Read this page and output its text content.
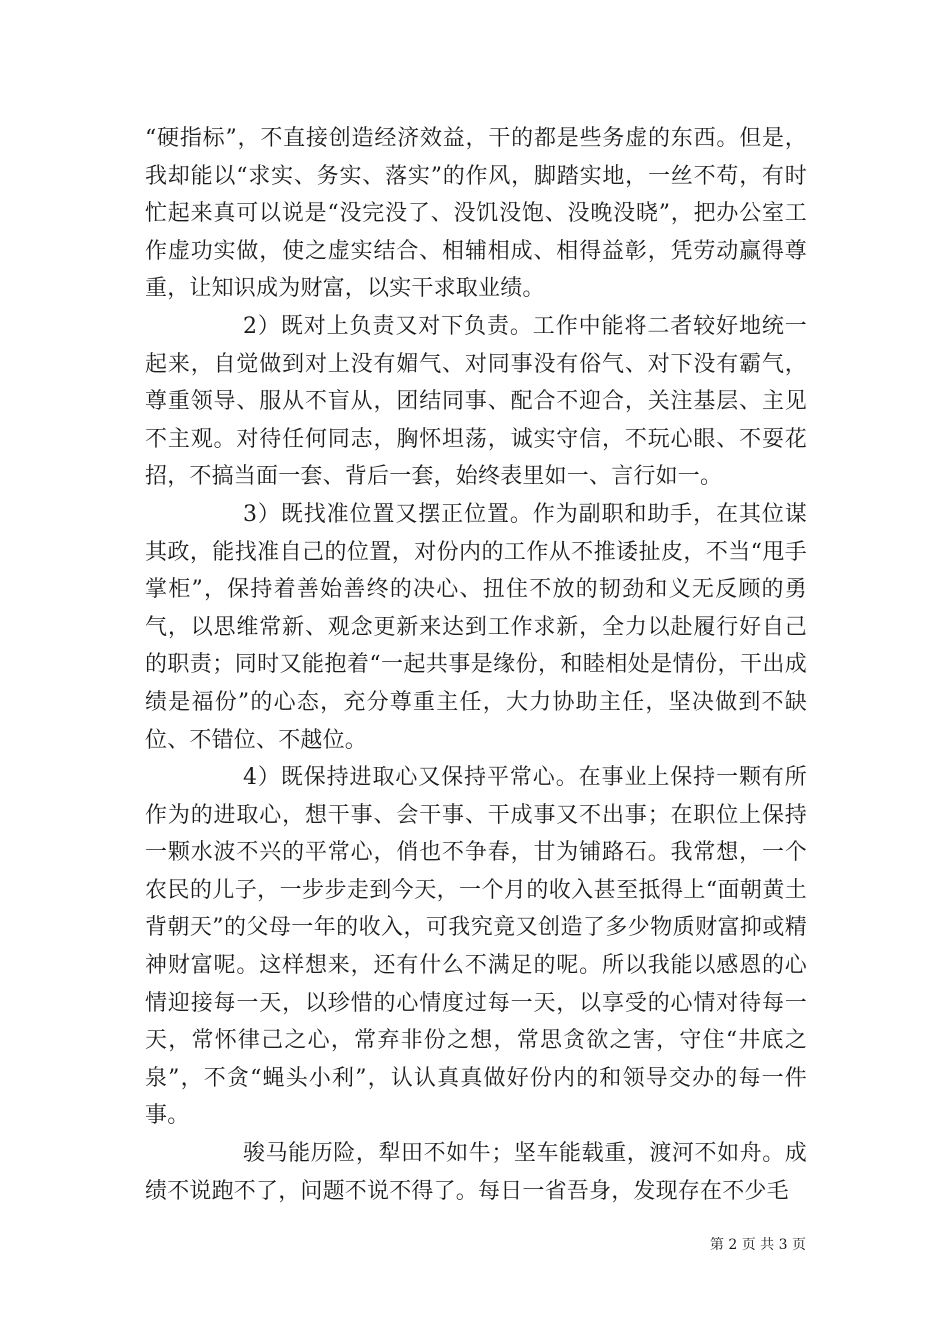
“硬指标”，不直接创造经济效益，干的都是些务虚的东西。但是，我却能以“求实、务实、落实”的作风，脚踏实地，一丝不苟，有时忙起来真可以说是“没完没了、没饥没饱、没晚没晓”，把办公室工作虚功实做，使之虚实结合、相辅相成、相得益彰，凭劳动赢得尊重，让知识成为财富，以实干求取业绩。

2）既对上负责又对下负责。工作中能将二者较好地统一起来，自觉做到对上没有媚气、对同事没有俗气、对下没有霸气，尊重领导、服从不盲从，团结同事、配合不迎合，关注基层、主见不主观。对待任何同志，胸怀坦荡，诚实守信，不玩心眼、不耍花招，不搞当面一套、背后一套，始终表里如一、言行如一。

3）既找准位置又摆正位置。作为副职和助手，在其位谋其政，能找准自己的位置，对份内的工作从不推诿扯皮，不当“甩手掌柜”，保持着善始善终的决心、扭住不放的韧劲和义无反顾的勇气，以思维常新、观念更新来达到工作求新，全力以赴履行好自己的职责；同时又能抱着“一起共事是缘份，和睦相处是情份，干出成绩是福份”的心态，充分尊重主任，大力协助主任，坚决做到不缺位、不错位、不越位。

4）既保持进取心又保持平常心。在事业上保持一颗有所作为的进取心，想干事、会干事、干成事又不出事；在职位上保持一颗水波不兴的平常心，俏也不争春，甘为铺路石。我常想，一个农民的儿子，一步步走到今天，一个月的收入甚至抵得上“面朝黄土背朝天”的父母一年的收入，可我究竟又创造了多少物质财富抑或精神财富呢。这样想来，还有什么不满足的呢。所以我能以感恩的心情迎接每一天，以珍惜的心情度过每一天，以享受的心情对待每一天，常怀律己之心，常弃非份之想，常思贪欲之害，守住“井底之泉”，不贪“蝇头小利”，认认真真做好份内的和领导交办的每一件事。

骏马能历险，犁田不如牛；坚车能载重，渡河不如舟。成绩不说跑不了，问题不说不得了。每日一省吾身，发现存在不少毛

第 2 页 共 3 页
